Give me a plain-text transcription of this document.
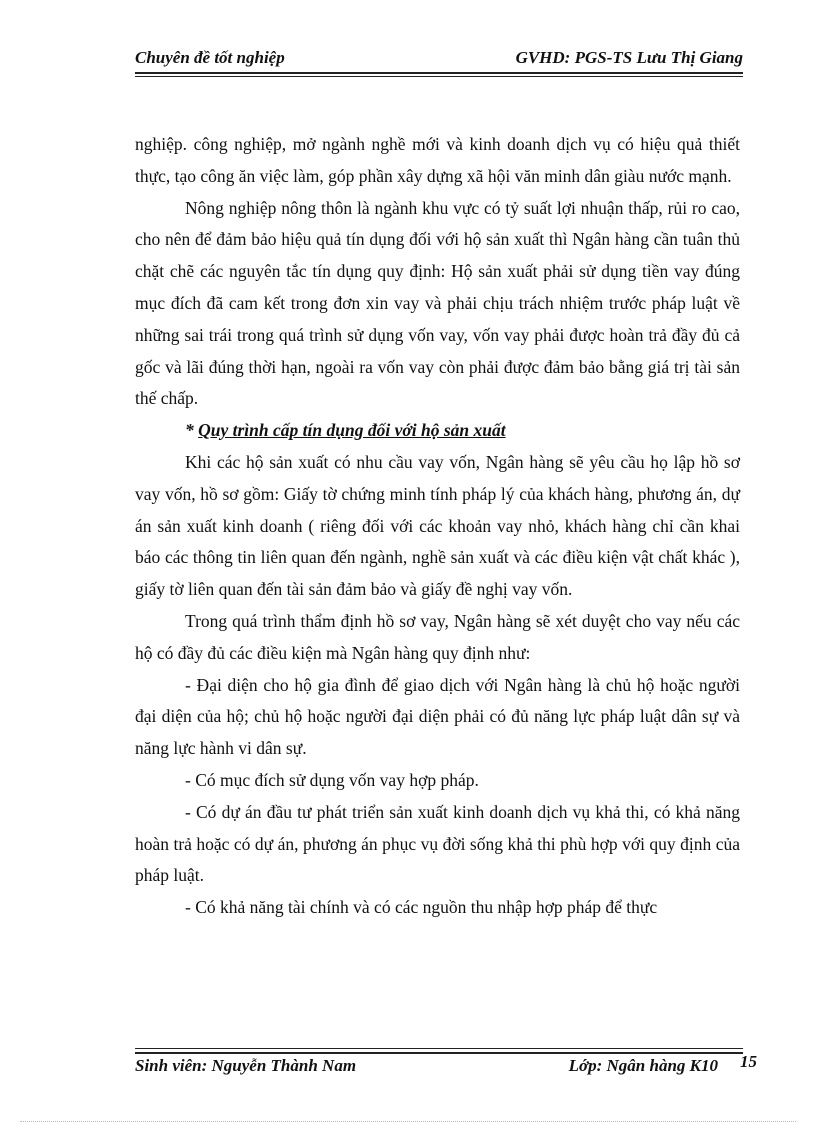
Chuyên đề tốt nghiệp	GVHD: PGS-TS Lưu Thị Giang

nghiệp. công nghiệp, mở ngành nghề mới và kinh doanh dịch vụ có hiệu quả thiết thực, tạo công ăn việc làm, góp phần xây dựng xã hội văn minh dân giàu nước mạnh.

Nông nghiệp nông thôn là ngành khu vực có tỷ suất lợi nhuận thấp, rủi ro cao, cho nên để đảm bảo hiệu quả tín dụng đối với hộ sản xuất thì Ngân hàng cần tuân thủ chặt chẽ các nguyên tắc tín dụng quy định: Hộ sản xuất phải sử dụng tiền vay đúng mục đích đã cam kết trong đơn xin vay và phải chịu trách nhiệm trước pháp luật về những sai trái trong quá trình sử dụng vốn vay, vốn vay phải được hoàn trả đầy đủ cả gốc và lãi đúng thời hạn, ngoài ra vốn vay còn phải được đảm bảo bằng giá trị tài sản thế chấp.

* Quy trình cấp tín dụng đối với hộ sản xuất

Khi các hộ sản xuất có nhu cầu vay vốn, Ngân hàng sẽ yêu cầu họ lập hồ sơ vay vốn, hồ sơ gồm: Giấy tờ chứng minh tính pháp lý của khách hàng, phương án, dự án sản xuất kinh doanh ( riêng đối với các khoản vay nhỏ, khách hàng chỉ cần khai báo các thông tin liên quan đến ngành, nghề sản xuất và các điều kiện vật chất khác ), giấy tờ liên quan đến tài sản đảm bảo và giấy đề nghị vay vốn.

Trong quá trình thẩm định hồ sơ vay, Ngân hàng sẽ xét duyệt cho vay nếu các hộ có đầy đủ các điều kiện mà Ngân hàng quy định như:

- Đại diện cho hộ gia đình để giao dịch với Ngân hàng là chủ hộ hoặc người đại diện của hộ; chủ hộ hoặc người đại diện phải có đủ năng lực pháp luật dân sự và năng lực hành vi dân sự.

- Có mục đích sử dụng vốn vay hợp pháp.

- Có dự án đầu tư phát triển sản xuất kinh doanh dịch vụ khả thi, có khả năng hoàn trả hoặc có dự án, phương án phục vụ đời sống khả thi phù hợp với quy định của pháp luật.

- Có khả năng tài chính và có các nguồn thu nhập hợp pháp để thực

Sinh viên: Nguyễn Thành Nam	Lớp: Ngân hàng K10 15
